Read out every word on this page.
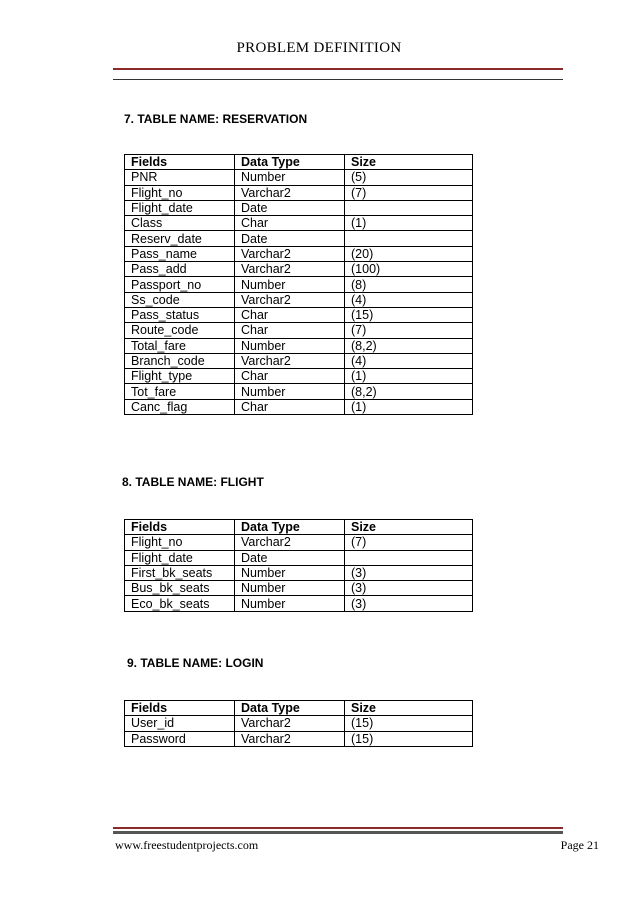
PROBLEM DEFINITION
7. TABLE NAME: RESERVATION
Fields	Data Type	Size
PNR	Number	(5)
Flight_no	Varchar2	(7)
Flight_date	Date	
Class	Char	(1)
Reserv_date	Date	
Pass_name	Varchar2	(20)
Pass_add	Varchar2	(100)
Passport_no	Number	(8)
Ss_code	Varchar2	(4)
Pass_status	Char	(15)
Route_code	Char	(7)
Total_fare	Number	(8,2)
Branch_code	Varchar2	(4)
Flight_type	Char	(1)
Tot_fare	Number	(8,2)
Canc_flag	Char	(1)
8. TABLE NAME: FLIGHT
Fields	Data Type	Size
Flight_no	Varchar2	(7)
Flight_date	Date	
First_bk_seats	Number	(3)
Bus_bk_seats	Number	(3)
Eco_bk_seats	Number	(3)
9. TABLE NAME: LOGIN
Fields	Data Type	Size
User_id	Varchar2	(15)
Password	Varchar2	(15)
www.freestudentprojects.com	Page 21
